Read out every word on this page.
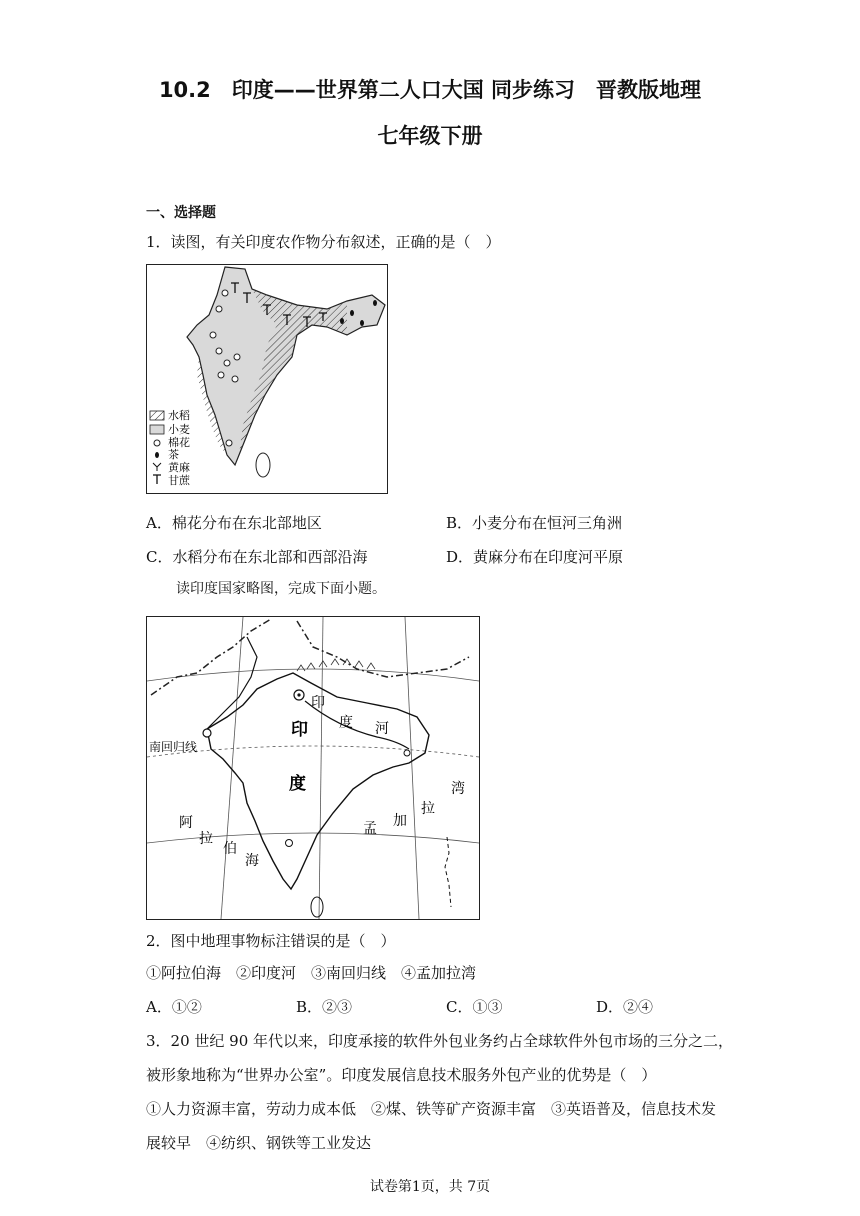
10.2　印度——世界第二人口大国 同步练习　晋教版地理
七年级下册
一、选择题
1．读图，有关印度农作物分布叙述，正确的是（　）
水稻
小麦
棉花
茶
黄麻
甘蔗
A．棉花分布在东北部地区	B．小麦分布在恒河三角洲
C．水稻分布在东北部和西部沿海	D．黄麻分布在印度河平原
读印度国家略图，完成下面小题。
印
度
印
度 河
南回归线
阿
拉
伯
海
孟 加
拉
湾
2．图中地理事物标注错误的是（　）
①阿拉伯海　②印度河　③南回归线　④孟加拉湾
A．①②	B．②③	C．①③	D．②④
3．20 世纪 90 年代以来，印度承接的软件外包业务约占全球软件外包市场的三分之二，
被形象地称为“世界办公室”。印度发展信息技术服务外包产业的优势是（　）
①人力资源丰富，劳动力成本低　②煤、铁等矿产资源丰富　③英语普及，信息技术发
展较早　④纺织、钢铁等工业发达
试卷第1页，共 7页
